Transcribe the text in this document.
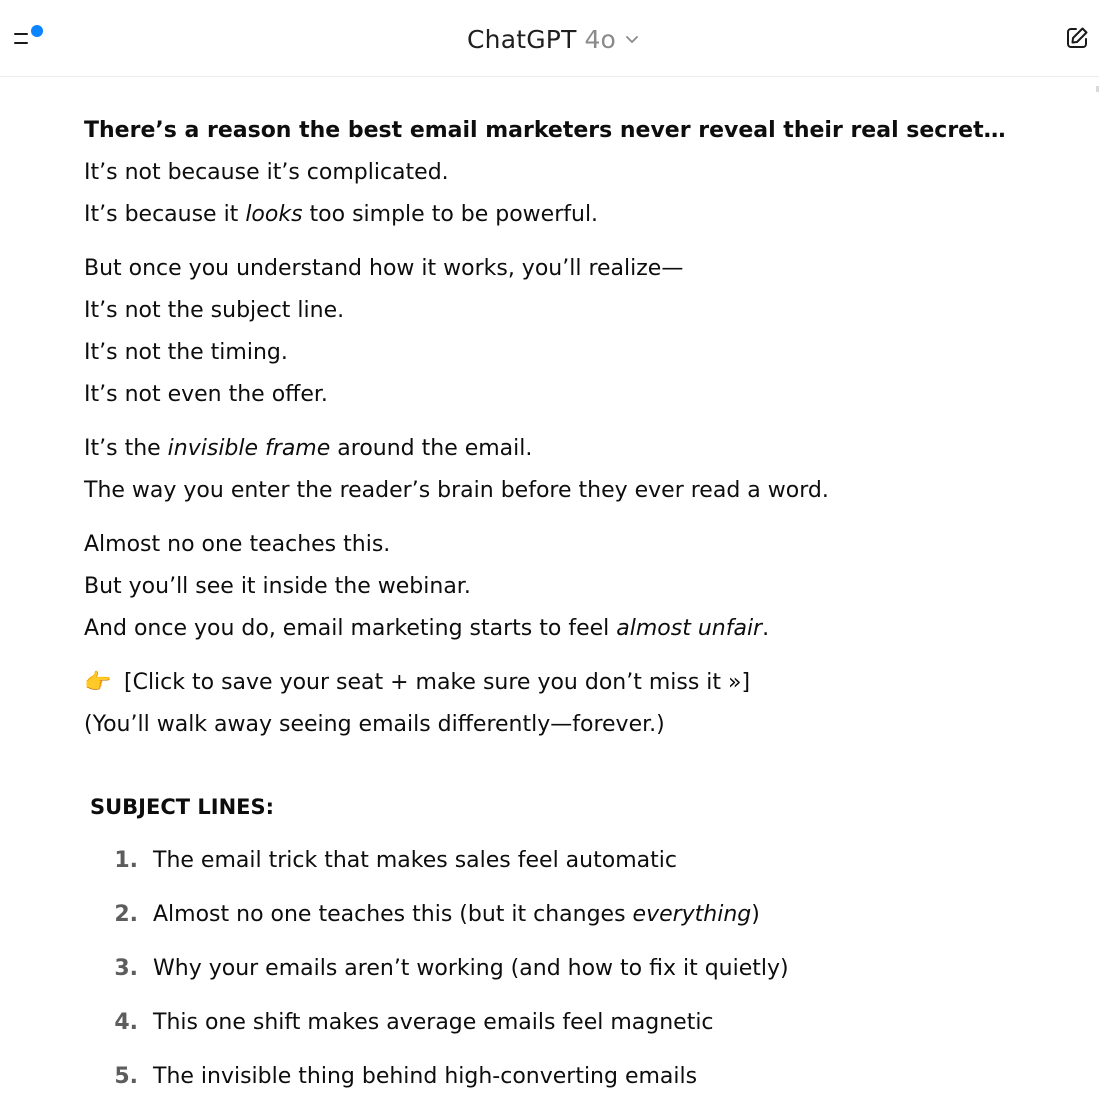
ChatGPT 4o
There’s a reason the best email marketers never reveal their real secret…
It’s not because it’s complicated.
It’s because it looks too simple to be powerful.
But once you understand how it works, you’ll realize—
It’s not the subject line.
It’s not the timing.
It’s not even the offer.
It’s the invisible frame around the email.
The way you enter the reader’s brain before they ever read a word.
Almost no one teaches this.
But you’ll see it inside the webinar.
And once you do, email marketing starts to feel almost unfair.
👉 [Click to save your seat + make sure you don’t miss it »]
(You’ll walk away seeing emails differently—forever.)
SUBJECT LINES:
1. The email trick that makes sales feel automatic
2. Almost no one teaches this (but it changes everything)
3. Why your emails aren’t working (and how to fix it quietly)
4. This one shift makes average emails feel magnetic
5. The invisible thing behind high-converting emails
